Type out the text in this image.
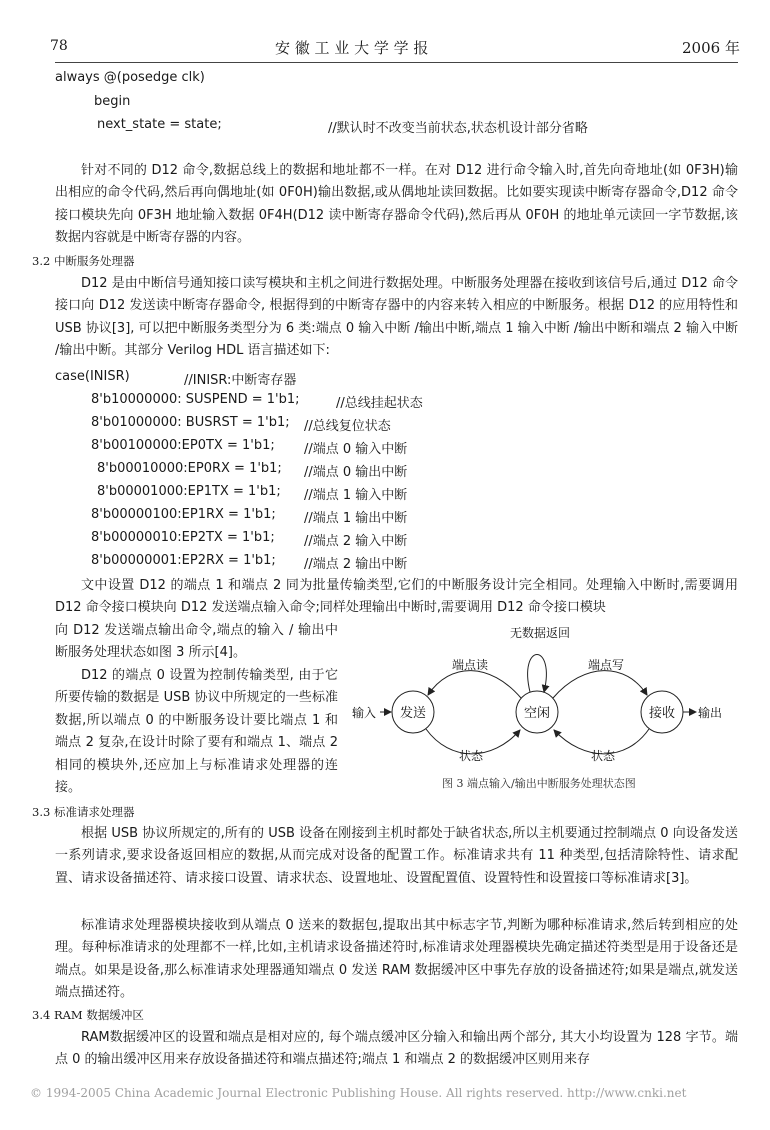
78	安 徽 工 业 大 学 学 报	2006 年
always @(posedge clk)
begin
next_state = state;	//默认时不改变当前状态,状态机设计部分省略
针对不同的 D12 命令,数据总线上的数据和地址都不一样。在对 D12 进行命令输入时,首先向奇地址(如 0F3H)输出相应的命令代码,然后再向偶地址(如 0F0H)输出数据,或从偶地址读回数据。比如要实现读中断寄存器命令,D12 命令接口模块先向 0F3H 地址输入数据 0F4H(D12 读中断寄存器命令代码),然后再从 0F0H 的地址单元读回一字节数据,该数据内容就是中断寄存器的内容。
3.2 中断服务处理器
D12 是由中断信号通知接口读写模块和主机之间进行数据处理。中断服务处理器在接收到该信号后,通过 D12 命令接口向 D12 发送读中断寄存器命令, 根据得到的中断寄存器中的内容来转入相应的中断服务。根据 D12 的应用特性和 USB 协议[3], 可以把中断服务类型分为 6 类:端点 0 输入中断 /输出中断,端点 1 输入中断 /输出中断和端点 2 输入中断 /输出中断。其部分 Verilog HDL 语言描述如下:
case(INISR)	//INISR:中断寄存器
8'b10000000: SUSPEND = 1'b1;	//总线挂起状态
8'b01000000: BUSRST = 1'b1; //总线复位状态
8'b00100000:EP0TX = 1'b1; //端点 0 输入中断
8'b00010000:EP0RX = 1'b1; //端点 0 输出中断
8'b00001000:EP1TX = 1'b1; //端点 1 输入中断
8'b00000100:EP1RX = 1'b1; //端点 1 输出中断
8'b00000010:EP2TX = 1'b1; //端点 2 输入中断
8'b00000001:EP2RX = 1'b1; //端点 2 输出中断
文中设置 D12 的端点 1 和端点 2 同为批量传输类型,它们的中断服务设计完全相同。处理输入中断时,需要调用 D12 命令接口模块向 D12 发送端点输入命令;同样处理输出中断时,需要调用 D12 命令接口模块
向 D12 发送端点输出命令,端点的输入 / 输出中断服务处理状态如图 3 所示[4]。
D12 的端点 0 设置为控制传输类型, 由于它所要传输的数据是 USB 协议中所规定的一些标准数据,所以端点 0 的中断服务设计要比端点 1 和端点 2 复杂,在设计时除了要有和端点 1、端点 2 相同的模块外,还应加上与标准请求处理器的连接。
发送	空闲	接收
无数据返回
端点读	端点写
输入	输出
状态	状态
图 3 端点输入/输出中断服务处理状态图
3.3 标准请求处理器
根据 USB 协议所规定的,所有的 USB 设备在刚接到主机时都处于缺省状态,所以主机要通过控制端点 0 向设备发送一系列请求,要求设备返回相应的数据,从而完成对设备的配置工作。标准请求共有 11 种类型,包括清除特性、请求配置、请求设备描述符、请求接口设置、请求状态、设置地址、设置配置值、设置特性和设置接口等标准请求[3]。
标准请求处理器模块接收到从端点 0 送来的数据包,提取出其中标志字节,判断为哪种标准请求,然后转到相应的处理。每种标准请求的处理都不一样,比如,主机请求设备描述符时,标准请求处理器模块先确定描述符类型是用于设备还是端点。如果是设备,那么标准请求处理器通知端点 0 发送 RAM 数据缓冲区中事先存放的设备描述符;如果是端点,就发送端点描述符。
3.4 RAM 数据缓冲区
RAM数据缓冲区的设置和端点是相对应的, 每个端点缓冲区分输入和输出两个部分, 其大小均设置为 128 字节。端点 0 的输出缓冲区用来存放设备描述符和端点描述符;端点 1 和端点 2 的数据缓冲区则用来存
© 1994-2005 China Academic Journal Electronic Publishing House. All rights reserved. http://www.cnki.net
